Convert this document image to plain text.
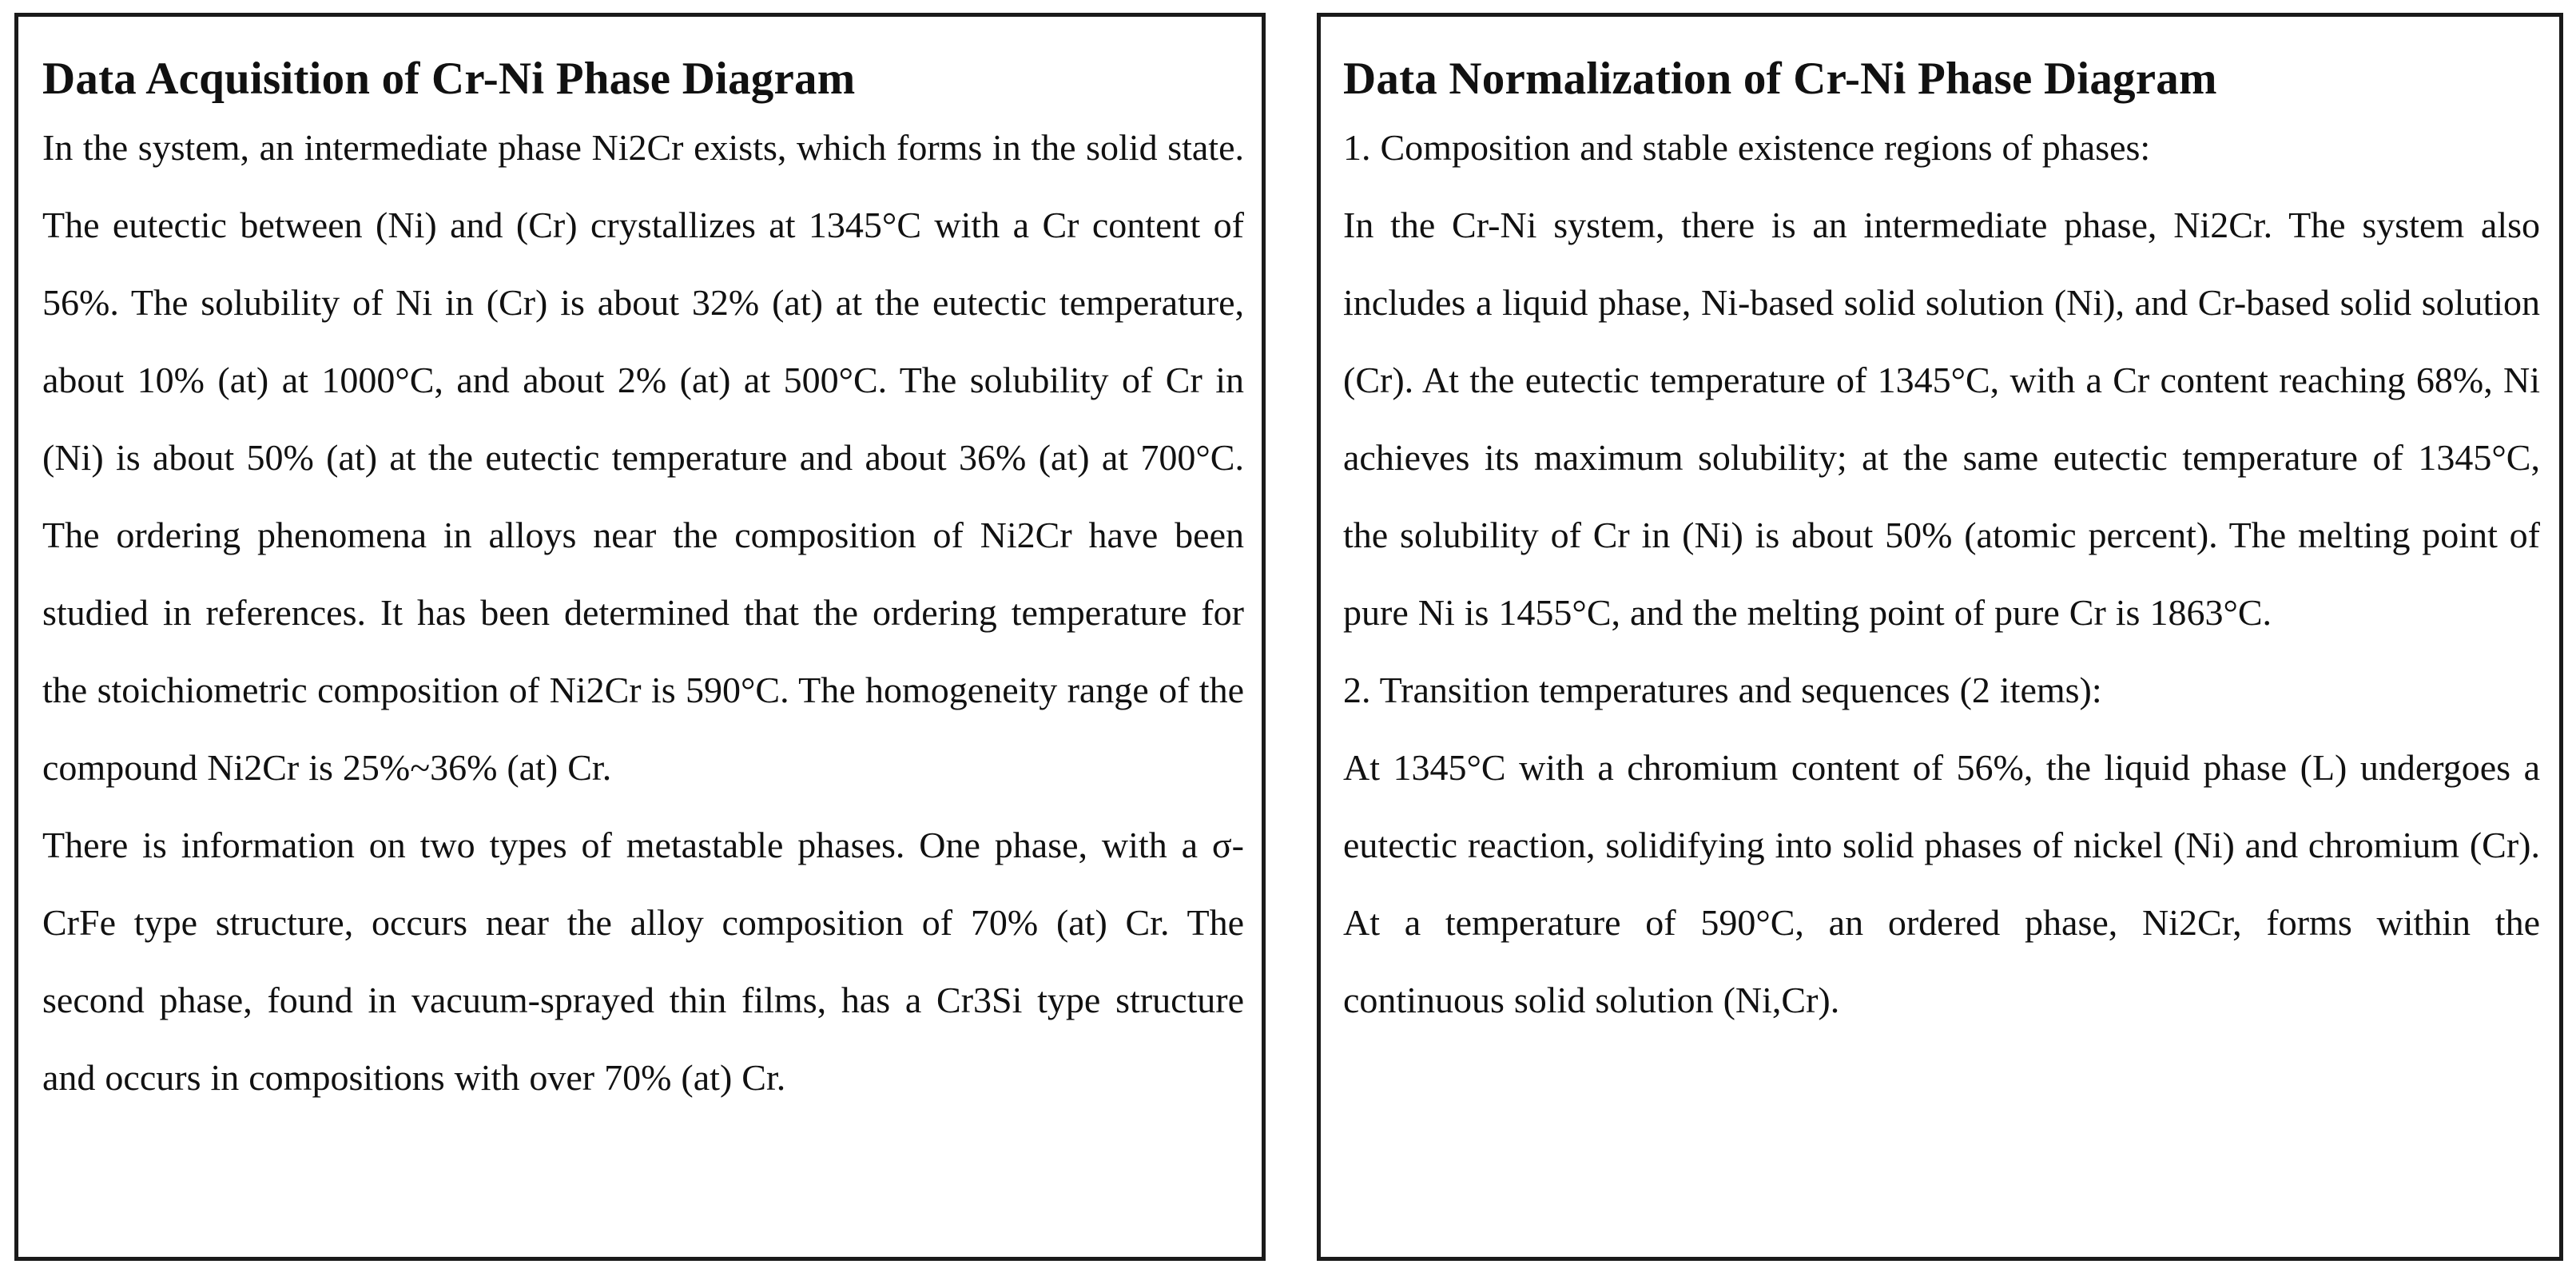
Data Acquisition of Cr-Ni Phase Diagram

In the system, an intermediate phase Ni2Cr exists, which forms in the solid state. The eutectic between (Ni) and (Cr) crystallizes at 1345°C with a Cr content of 56%. The solubility of Ni in (Cr) is about 32% (at) at the eutectic temperature, about 10% (at) at 1000°C, and about 2% (at) at 500°C. The solubility of Cr in (Ni) is about 50% (at) at the eutectic temperature and about 36% (at) at 700°C. The ordering phenomena in alloys near the composition of Ni2Cr have been studied in references. It has been determined that the ordering temperature for the stoichiometric composition of Ni2Cr is 590°C. The homogeneity range of the compound Ni2Cr is 25%~36% (at) Cr.

There is information on two types of metastable phases. One phase, with a σ-CrFe type structure, occurs near the alloy composition of 70% (at) Cr. The second phase, found in vacuum-sprayed thin films, has a Cr3Si type structure and occurs in compositions with over 70% (at) Cr.

Data Normalization of Cr-Ni Phase Diagram

1. Composition and stable existence regions of phases:

In the Cr-Ni system, there is an intermediate phase, Ni2Cr. The system also includes a liquid phase, Ni-based solid solution (Ni), and Cr-based solid solution (Cr). At the eutectic temperature of 1345°C, with a Cr content reaching 68%, Ni achieves its maximum solubility; at the same eutectic temperature of 1345°C, the solubility of Cr in (Ni) is about 50% (atomic percent). The melting point of pure Ni is 1455°C, and the melting point of pure Cr is 1863°C.

2. Transition temperatures and sequences (2 items):

At 1345°C with a chromium content of 56%, the liquid phase (L) undergoes a eutectic reaction, solidifying into solid phases of nickel (Ni) and chromium (Cr). At a temperature of 590°C, an ordered phase, Ni2Cr, forms within the continuous solid solution (Ni,Cr).
